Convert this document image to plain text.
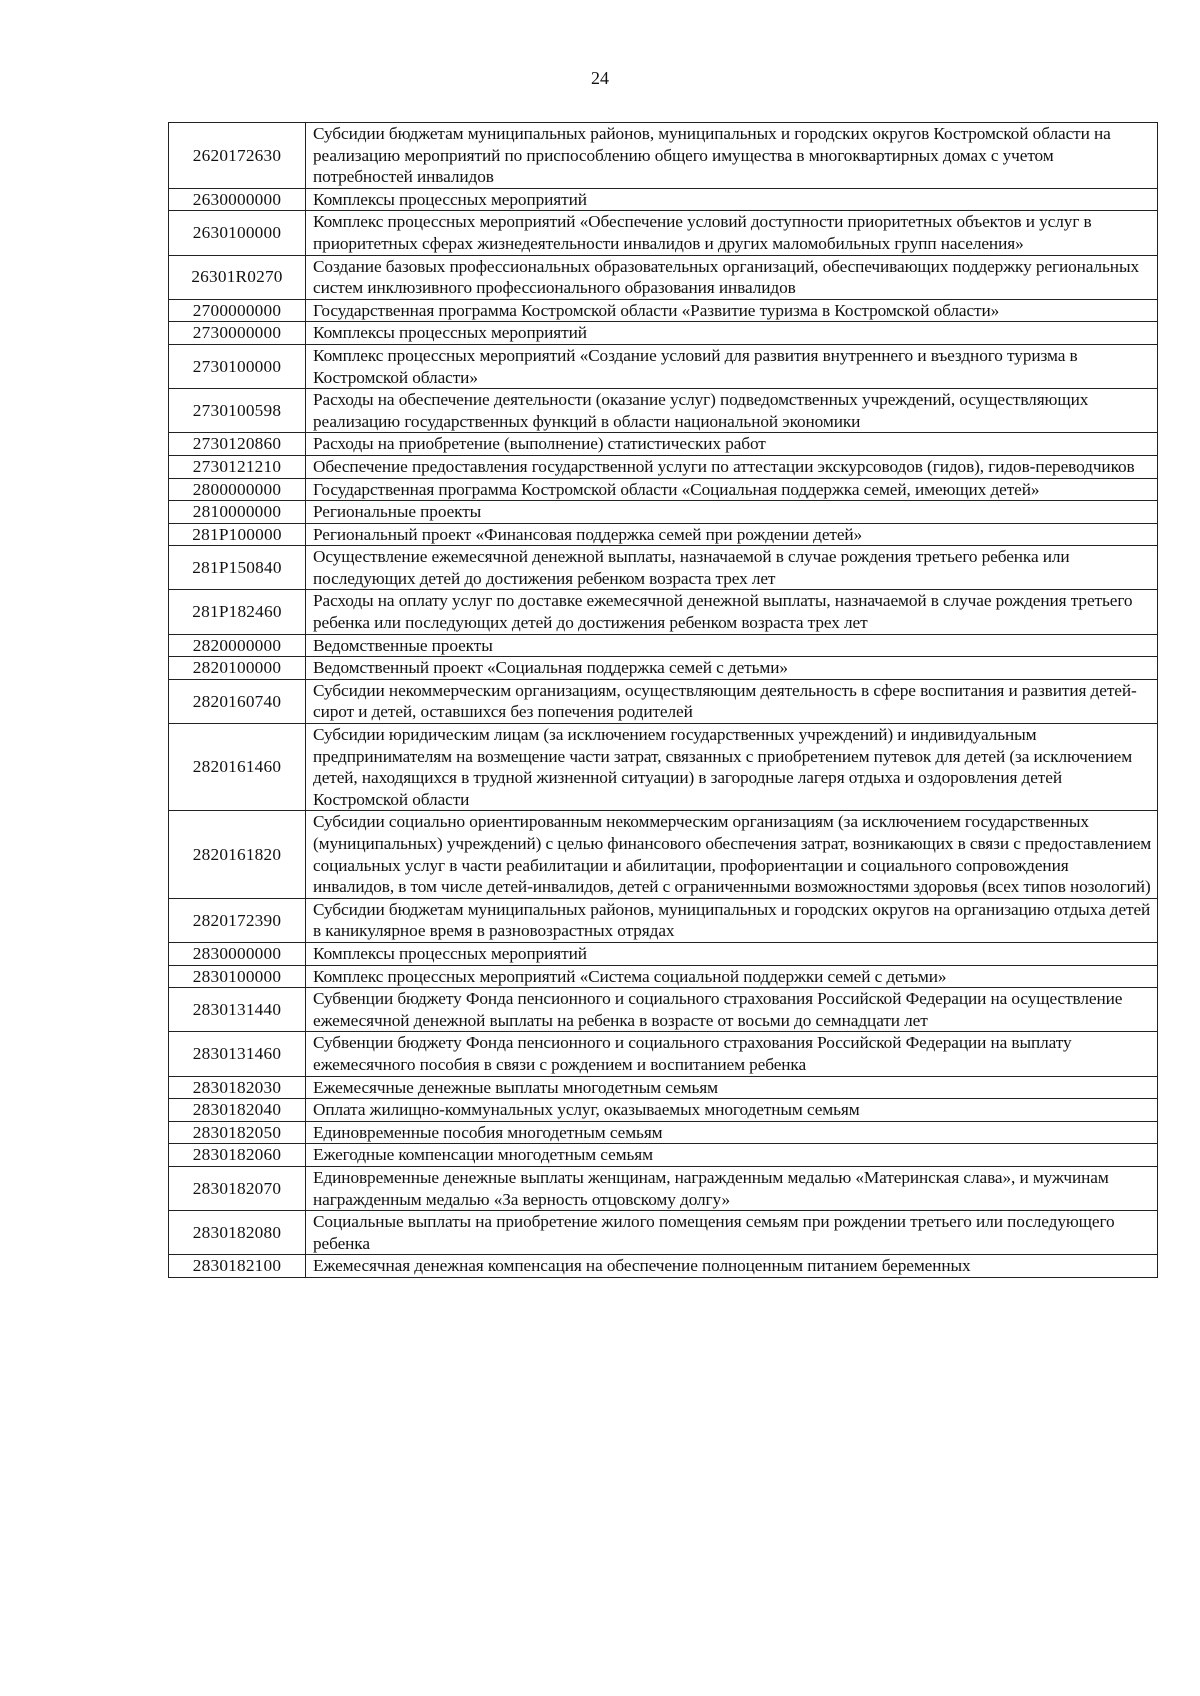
24
2620172630	Субсидии бюджетам муниципальных районов, муниципальных и городских округов Костромской области на реализацию мероприятий по приспособлению общего имущества в многоквартирных домах с учетом потребностей инвалидов
2630000000	Комплексы процессных мероприятий
2630100000	Комплекс процессных мероприятий «Обеспечение условий доступности приоритетных объектов и услуг в приоритетных сферах жизнедеятельности инвалидов и других маломобильных групп населения»
26301R0270	Создание базовых профессиональных образовательных организаций, обеспечивающих поддержку региональных систем инклюзивного профессионального образования инвалидов
2700000000	Государственная программа Костромской области «Развитие туризма в Костромской области»
2730000000	Комплексы процессных мероприятий
2730100000	Комплекс процессных мероприятий «Создание условий для развития внутреннего и въездного туризма в Костромской области»
2730100598	Расходы на обеспечение деятельности (оказание услуг) подведомственных учреждений, осуществляющих реализацию государственных функций в области национальной экономики
2730120860	Расходы на приобретение (выполнение) статистических работ
2730121210	Обеспечение предоставления государственной услуги по аттестации экскурсоводов (гидов), гидов-переводчиков
2800000000	Государственная программа Костромской области «Социальная поддержка семей, имеющих детей»
2810000000	Региональные проекты
281P100000	Региональный проект «Финансовая поддержка семей при рождении детей»
281P150840	Осуществление ежемесячной денежной выплаты, назначаемой в случае рождения третьего ребенка или последующих детей до достижения ребенком возраста трех лет
281P182460	Расходы на оплату услуг по доставке ежемесячной денежной выплаты, назначаемой в случае рождения третьего ребенка или последующих детей до достижения ребенком возраста трех лет
2820000000	Ведомственные проекты
2820100000	Ведомственный проект «Социальная поддержка семей с детьми»
2820160740	Субсидии некоммерческим организациям, осуществляющим деятельность в сфере воспитания и развития детей-сирот и детей, оставшихся без попечения родителей
2820161460	Субсидии юридическим лицам (за исключением государственных учреждений) и индивидуальным предпринимателям на возмещение части затрат, связанных с приобретением путевок для детей (за исключением детей, находящихся в трудной жизненной ситуации) в загородные лагеря отдыха и оздоровления детей Костромской области
2820161820	Субсидии социально ориентированным некоммерческим организациям (за исключением государственных (муниципальных) учреждений) с целью финансового обеспечения затрат, возникающих в связи с предоставлением социальных услуг в части реабилитации и абилитации, профориентации и социального сопровождения инвалидов, в том числе детей-инвалидов, детей с ограниченными возможностями здоровья (всех типов нозологий)
2820172390	Субсидии бюджетам муниципальных районов, муниципальных и городских округов на организацию отдыха детей в каникулярное время в разновозрастных отрядах
2830000000	Комплексы процессных мероприятий
2830100000	Комплекс процессных мероприятий «Система социальной поддержки семей с детьми»
2830131440	Субвенции бюджету Фонда пенсионного и социального страхования Российской Федерации на осуществление ежемесячной денежной выплаты на ребенка в возрасте от восьми до семнадцати лет
2830131460	Субвенции бюджету Фонда пенсионного и социального страхования Российской Федерации на выплату ежемесячного пособия в связи с рождением и воспитанием ребенка
2830182030	Ежемесячные денежные выплаты многодетным семьям
2830182040	Оплата жилищно-коммунальных услуг, оказываемых многодетным семьям
2830182050	Единовременные пособия многодетным семьям
2830182060	Ежегодные компенсации многодетным семьям
2830182070	Единовременные денежные выплаты женщинам, награжденным медалью «Материнская слава», и мужчинам награжденным медалью «За верность отцовскому долгу»
2830182080	Социальные выплаты на приобретение жилого помещения семьям при рождении третьего или последующего ребенка
2830182100	Ежемесячная денежная компенсация на обеспечение полноценным питанием беременных
